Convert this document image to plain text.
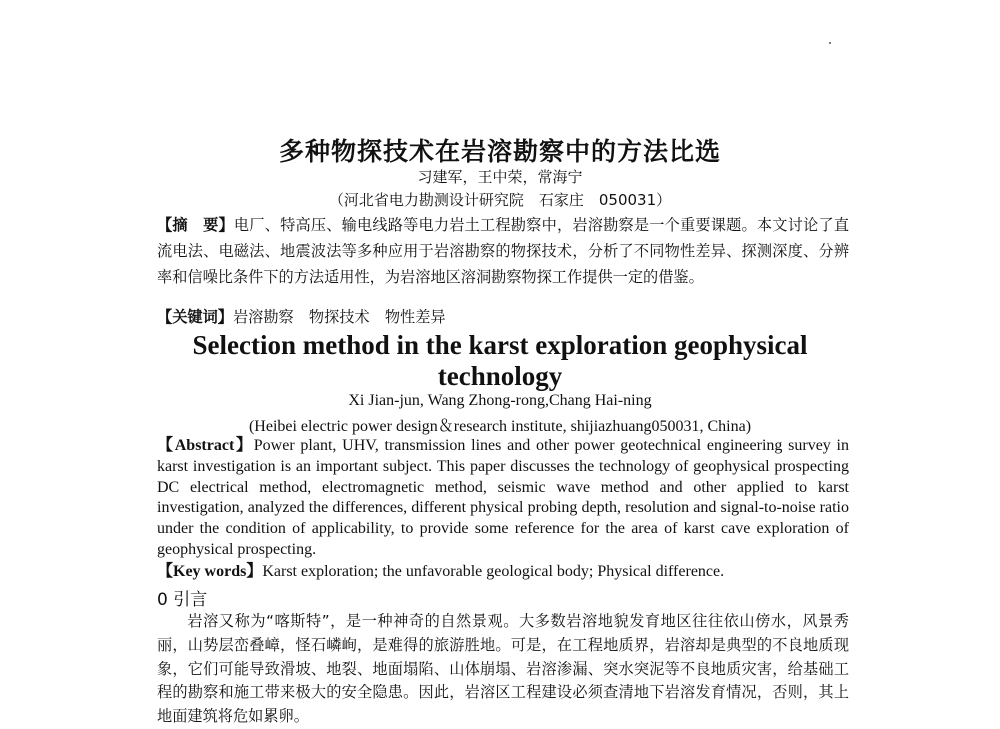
多种物探技术在岩溶勘察中的方法比选
习建军，王中荣，常海宁
（河北省电力勘测设计研究院　石家庄　050031）
【摘　要】电厂、特高压、输电线路等电力岩土工程勘察中，岩溶勘察是一个重要课题。本文讨论了直流电法、电磁法、地震波法等多种应用于岩溶勘察的物探技术，分析了不同物性差异、探测深度、分辨率和信噪比条件下的方法适用性，为岩溶地区溶洞勘察物探工作提供一定的借鉴。
【关键词】岩溶勘察　物探技术　物性差异
Selection method in the karst exploration geophysical technology
Xi Jian-jun, Wang Zhong-rong,Chang Hai-ning
(Heibei electric power design＆research institute, shijiazhuang050031, China)
【Abstract】Power plant, UHV, transmission lines and other power geotechnical engineering survey in karst investigation is an important subject. This paper discusses the technology of geophysical prospecting DC electrical method, electromagnetic method, seismic wave method and other applied to karst investigation, analyzed the differences, different physical probing depth, resolution and signal-to-noise ratio under the condition of applicability, to provide some reference for the area of karst cave exploration of geophysical prospecting.
【Key words】Karst exploration; the unfavorable geological body; Physical difference.
0 引言
岩溶又称为“喀斯特”，是一种神奇的自然景观。大多数岩溶地貌发育地区往往依山傍水，风景秀丽，山势层峦叠嶂，怪石嶙峋，是难得的旅游胜地。可是，在工程地质界，岩溶却是典型的不良地质现象，它们可能导致滑坡、地裂、地面塌陷、山体崩塌、岩溶渗漏、突水突泥等不良地质灾害，给基础工程的勘察和施工带来极大的安全隐患。因此，岩溶区工程建设必须查清地下岩溶发育情况，否则，其上地面建筑将危如累卵。
